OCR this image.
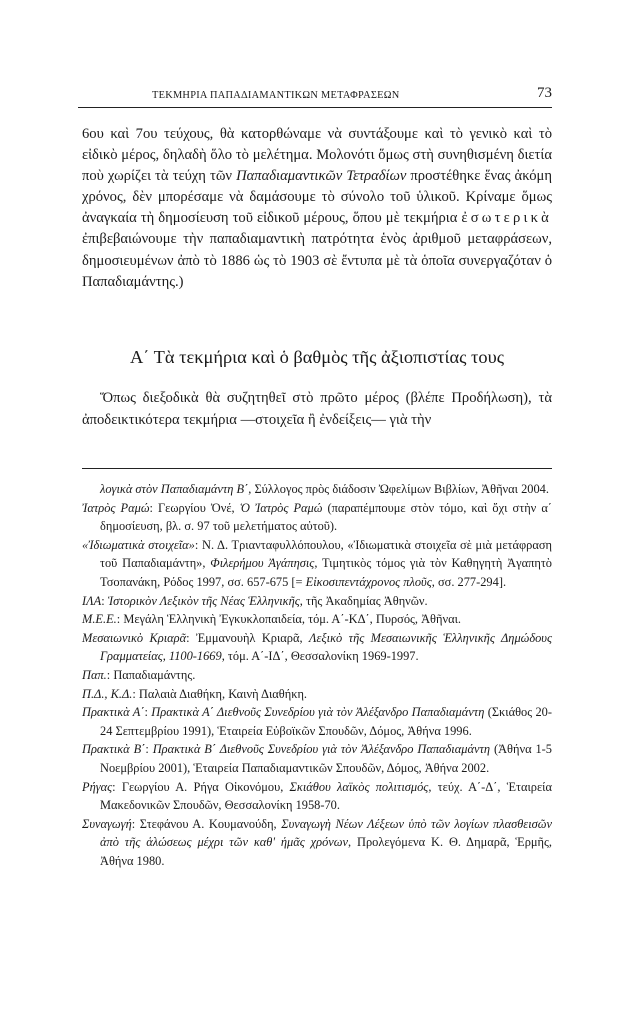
ΤΕΚΜΗΡΙΑ ΠΑΠΑΔΙΑΜΑΝΤΙΚΩΝ ΜΕΤΑΦΡΑΣΕΩΝ	73

6ου καὶ 7ου τεύχους, θὰ κατορθώναμε νὰ συντάξουμε καὶ τὸ γενικὸ καὶ τὸ εἰδικὸ μέρος, δηλαδὴ ὅλο τὸ μελέτημα. Μολονότι ὅμως στὴ συνηθισμένη διετία ποὺ χωρίζει τὰ τεύχη τῶν Παπαδιαμαντικῶν Τετραδίων προστέθηκε ἕνας ἀκόμη χρόνος, δὲν μπορέσαμε νὰ δαμάσουμε τὸ σύνολο τοῦ ὑλικοῦ. Κρίναμε ὅμως ἀναγκαία τὴ δημοσίευση τοῦ εἰδικοῦ μέρους, ὅπου μὲ τεκμήρια ἐσωτερικὰ ἐπιβεβαιώνουμε τὴν παπαδιαμαντικὴ πατρότητα ἑνὸς ἀριθμοῦ μεταφράσεων, δημοσιευμένων ἀπὸ τὸ 1886 ὡς τὸ 1903 σὲ ἔντυπα μὲ τὰ ὁποῖα συνεργαζόταν ὁ Παπαδιαμάντης.)

Α΄ Τὰ τεκμήρια καὶ ὁ βαθμὸς τῆς ἀξιοπιστίας τους

Ὅπως διεξοδικὰ θὰ συζητηθεῖ στὸ πρῶτο μέρος (βλέπε Προδήλωση), τὰ ἀποδεικτικότερα τεκμήρια —στοιχεῖα ἢ ἐνδείξεις— γιὰ τὴν

λογικὰ στὸν Παπαδιαμάντη Β΄, Σύλλογος πρὸς διάδοσιν Ὠφελίμων Βιβλίων, Ἀθῆναι 2004.
Ἰατρὸς Ραμώ: Γεωργίου Ὀνέ, Ὁ Ἰατρὸς Ραμώ (παραπέμπουμε στὸν τόμο, καὶ ὄχι στὴν α΄ δημοσίευση, βλ. σ. 97 τοῦ μελετήματος αὐτοῦ).
«Ἰδιωματικὰ στοιχεῖα»: Ν. Δ. Τριανταφυλλόπουλου, «Ἰδιωματικὰ στοιχεῖα σὲ μιὰ μετάφραση τοῦ Παπαδιαμάντη», Φιλερήμου Ἀγάπησις, Τιμητικὸς τόμος γιὰ τὸν Καθηγητὴ Ἀγαπητὸ Τσοπανάκη, Ρόδος 1997, σσ. 657-675 [= Εἰκοσιπεντάχρονος πλοῦς, σσ. 277-294].
ΙΛΑ: Ἱστορικὸν Λεξικὸν τῆς Νέας Ἑλληνικῆς, τῆς Ἀκαδημίας Ἀθηνῶν.
Μ.Ε.Ε.: Μεγάλη Ἑλληνικὴ Ἐγκυκλοπαιδεία, τόμ. Α΄-ΚΔ΄, Πυρσός, Ἀθῆναι.
Μεσαιωνικὸ Κριαρᾶ: Ἐμμανουὴλ Κριαρᾶ, Λεξικὸ τῆς Μεσαιωνικῆς Ἑλληνικῆς Δημώδους Γραμματείας, 1100-1669, τόμ. Α΄-ΙΔ΄, Θεσσαλονίκη 1969-1997.
Παπ.: Παπαδιαμάντης.
Π.Δ., Κ.Δ.: Παλαιὰ Διαθήκη, Καινὴ Διαθήκη.
Πρακτικὰ Α΄: Πρακτικὰ Α΄ Διεθνοῦς Συνεδρίου γιὰ τὸν Ἀλέξανδρο Παπαδιαμάντη (Σκιάθος 20-24 Σεπτεμβρίου 1991), Ἑταιρεία Εὐβοϊκῶν Σπουδῶν, Δόμος, Ἀθήνα 1996.
Πρακτικὰ Β΄: Πρακτικὰ Β΄ Διεθνοῦς Συνεδρίου γιὰ τὸν Ἀλέξανδρο Παπαδιαμάντη (Ἀθήνα 1-5 Νοεμβρίου 2001), Ἑταιρεία Παπαδιαμαντικῶν Σπουδῶν, Δόμος, Ἀθήνα 2002.
Ρήγας: Γεωργίου Α. Ρήγα Οἰκονόμου, Σκιάθου λαϊκὸς πολιτισμός, τεύχ. Α΄-Δ΄, Ἑταιρεία Μακεδονικῶν Σπουδῶν, Θεσσαλονίκη 1958-70.
Συναγωγή: Στεφάνου Α. Κουμανούδη, Συναγωγὴ Νέων Λέξεων ὑπὸ τῶν λογίων πλασθεισῶν ἀπὸ τῆς ἁλώσεως μέχρι τῶν καθ' ἡμᾶς χρόνων, Προλεγόμενα Κ. Θ. Δημαρᾶ, Ἑρμῆς, Ἀθήνα 1980.
